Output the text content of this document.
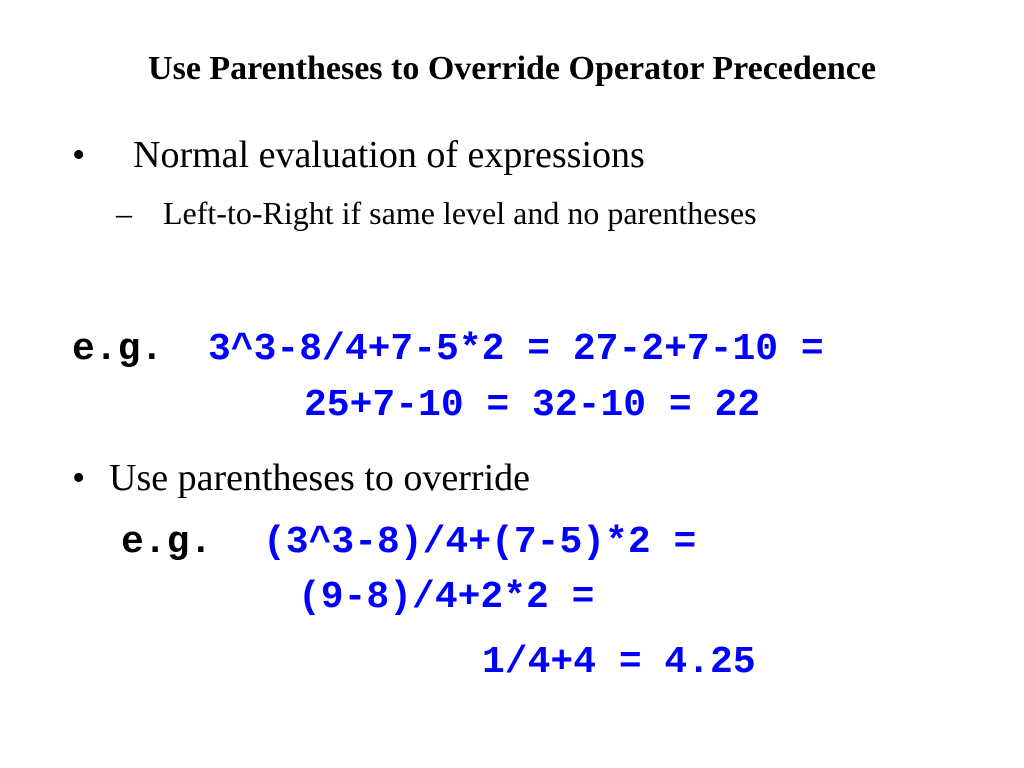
Use Parentheses to Override Operator Precedence
• Normal evaluation of expressions
– Left-to-Right if same level and no parentheses
e.g. 3^3-8/4+7-5*2 = 27-2+7-10 =
25+7-10 = 32-10 = 22
• Use parentheses to override
e.g. (3^3-8)/4+(7-5)*2 =
(9-8)/4+2*2 =
1/4+4 = 4.25
